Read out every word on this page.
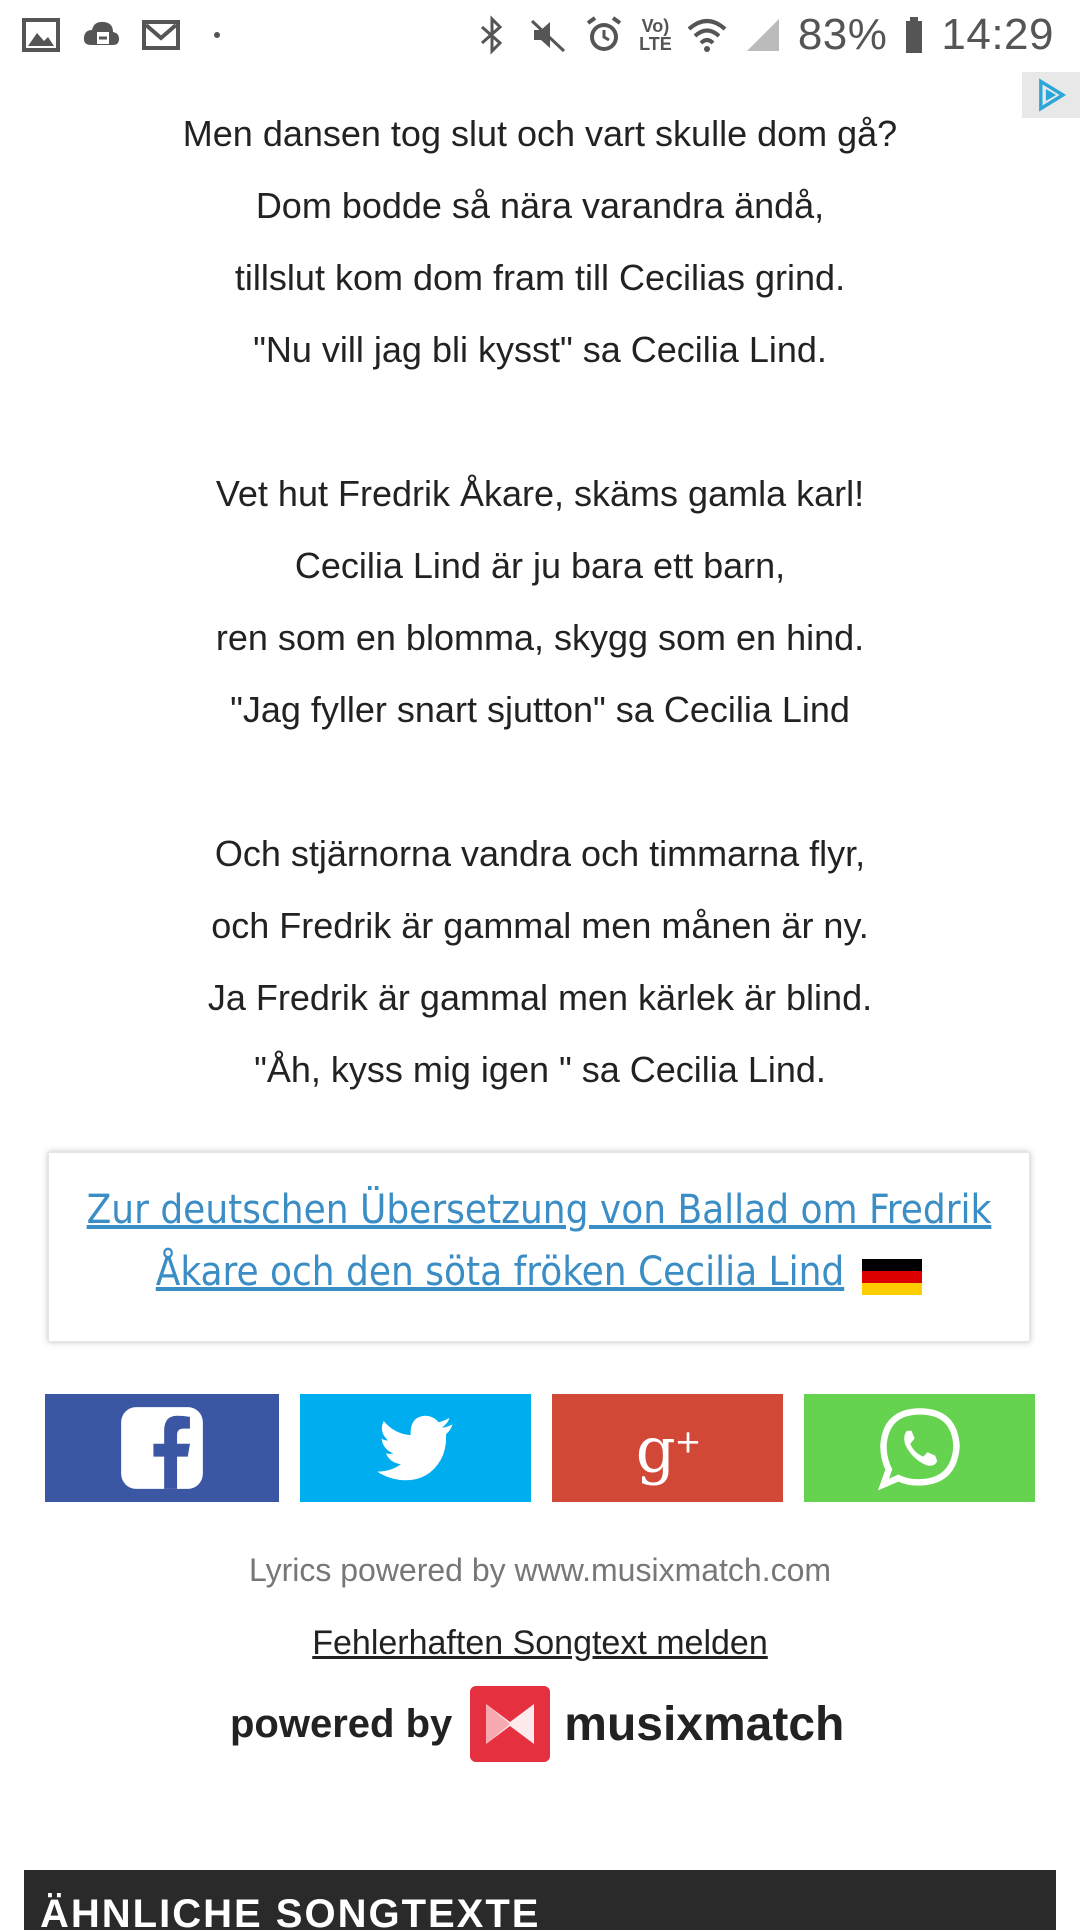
Vo)
LTE	83% 14:29
Men dansen tog slut och vart skulle dom gå?
Dom bodde så nära varandra ändå,
tillslut kom dom fram till Cecilias grind.
"Nu vill jag bli kysst" sa Cecilia Lind.
Vet hut Fredrik Åkare, skäms gamla karl!
Cecilia Lind är ju bara ett barn,
ren som en blomma, skygg som en hind.
"Jag fyller snart sjutton" sa Cecilia Lind
Och stjärnorna vandra och timmarna flyr,
och Fredrik är gammal men månen är ny.
Ja Fredrik är gammal men kärlek är blind.
"Åh, kyss mig igen " sa Cecilia Lind.
Zur deutschen Übersetzung von Ballad om Fredrik
Åkare och den söta fröken Cecilia Lind
g
+
Lyrics powered by www.musixmatch.com
Fehlerhaften Songtext melden
powered by musixmatch
ÄHNLICHE SONGTEXTE
